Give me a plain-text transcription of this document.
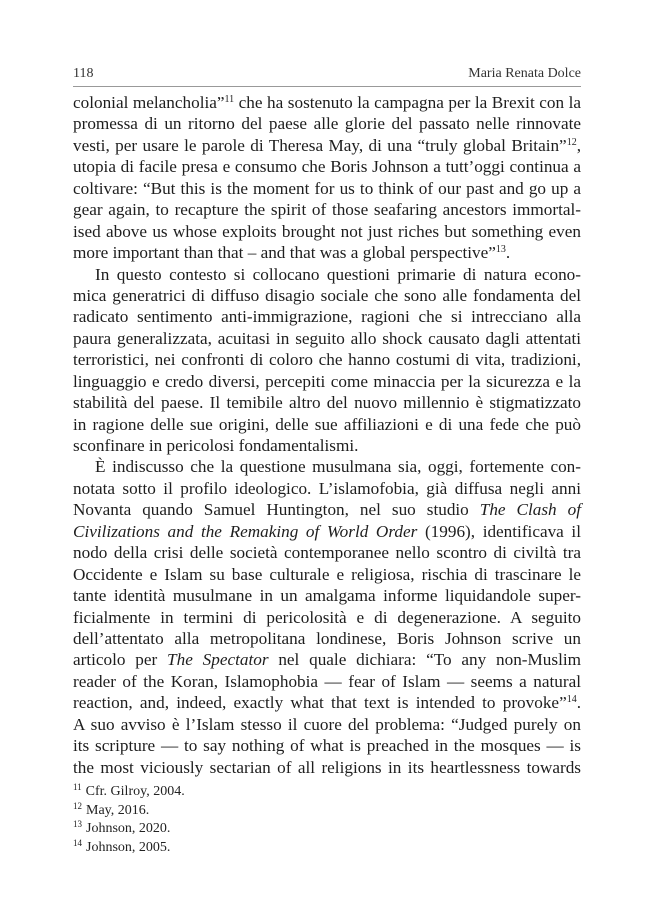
118	Maria Renata Dolce
colonial melancholia”$^{11}$ che ha sostenuto la campagna per la Brexit con la
promessa di un ritorno del paese alle glorie del passato nelle rinnovate
vesti, per usare le parole di Theresa May, di una “truly global Britain”$^{12}$,
utopia di facile presa e consumo che Boris Johnson a tutt’oggi continua a
coltivare: “But this is the moment for us to think of our past and go up a
gear again, to recapture the spirit of those seafaring ancestors immortal-
ised above us whose exploits brought not just riches but something even
more important than that – and that was a global perspective”$^{13}$.
In questo contesto si collocano questioni primarie di natura econo-
mica generatrici di diffuso disagio sociale che sono alle fondamenta del
radicato sentimento anti-immigrazione, ragioni che si intrecciano alla
paura generalizzata, acuitasi in seguito allo shock causato dagli attentati
terroristici, nei confronti di coloro che hanno costumi di vita, tradizioni,
linguaggio e credo diversi, percepiti come minaccia per la sicurezza e la
stabilità del paese. Il temibile altro del nuovo millennio è stigmatizzato
in ragione delle sue origini, delle sue affiliazioni e di una fede che può
sconfinare in pericolosi fondamentalismi.
È indiscusso che la questione musulmana sia, oggi, fortemente con-
notata sotto il profilo ideologico. L’islamofobia, già diffusa negli anni
Novanta quando Samuel Huntington, nel suo studio The Clash of
Civilizations and the Remaking of World Order (1996), identificava il
nodo della crisi delle società contemporanee nello scontro di civiltà tra
Occidente e Islam su base culturale e religiosa, rischia di trascinare le
tante identità musulmane in un amalgama informe liquidandole super-
ficialmente in termini di pericolosità e di degenerazione. A seguito
dell’attentato alla metropolitana londinese, Boris Johnson scrive un
articolo per The Spectator nel quale dichiara: “To any non-Muslim
reader of the Koran, Islamophobia — fear of Islam — seems a natural
reaction, and, indeed, exactly what that text is intended to provoke”$^{14}$.
A suo avviso è l’Islam stesso il cuore del problema: “Judged purely on
its scripture — to say nothing of what is preached in the mosques — is
the most viciously sectarian of all religions in its heartlessness towards
$^{11}$ Cfr. Gilroy, 2004.
$^{12}$ May, 2016.
$^{13}$ Johnson, 2020.
$^{14}$ Johnson, 2005.
